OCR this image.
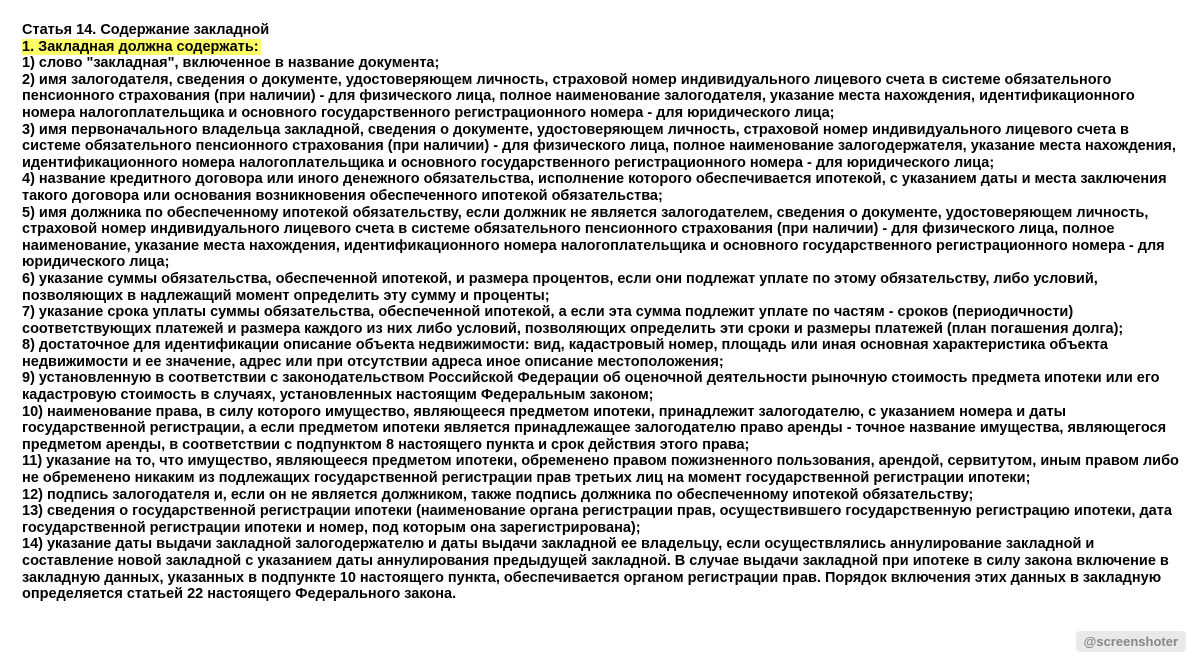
Статья 14. Содержание закладной
1. Закладная должна содержать:
1) слово "закладная", включенное в название документа;
2) имя залогодателя, сведения о документе, удостоверяющем личность, страховой номер индивидуального лицевого счета в системе обязательного пенсионного страхования (при наличии) - для физического лица, полное наименование залогодателя, указание места нахождения, идентификационного номера налогоплательщика и основного государственного регистрационного номера - для юридического лица;
3) имя первоначального владельца закладной, сведения о документе, удостоверяющем личность, страховой номер индивидуального лицевого счета в системе обязательного пенсионного страхования (при наличии) - для физического лица, полное наименование залогодержателя, указание места нахождения, идентификационного номера налогоплательщика и основного государственного регистрационного номера - для юридического лица;
4) название кредитного договора или иного денежного обязательства, исполнение которого обеспечивается ипотекой, с указанием даты и места заключения такого договора или основания возникновения обеспеченного ипотекой обязательства;
5) имя должника по обеспеченному ипотекой обязательству, если должник не является залогодателем, сведения о документе, удостоверяющем личность, страховой номер индивидуального лицевого счета в системе обязательного пенсионного страхования (при наличии) - для физического лица, полное наименование, указание места нахождения, идентификационного номера налогоплательщика и основного государственного регистрационного номера - для юридического лица;
6) указание суммы обязательства, обеспеченной ипотекой, и размера процентов, если они подлежат уплате по этому обязательству, либо условий, позволяющих в надлежащий момент определить эту сумму и проценты;
7) указание срока уплаты суммы обязательства, обеспеченной ипотекой, а если эта сумма подлежит уплате по частям - сроков (периодичности) соответствующих платежей и размера каждого из них либо условий, позволяющих определить эти сроки и размеры платежей (план погашения долга);
8) достаточное для идентификации описание объекта недвижимости: вид, кадастровый номер, площадь или иная основная характеристика объекта недвижимости и ее значение, адрес или при отсутствии адреса иное описание местоположения;
9) установленную в соответствии с законодательством Российской Федерации об оценочной деятельности рыночную стоимость предмета ипотеки или его кадастровую стоимость в случаях, установленных настоящим Федеральным законом;
10) наименование права, в силу которого имущество, являющееся предметом ипотеки, принадлежит залогодателю, с указанием номера и даты государственной регистрации, а если предметом ипотеки является принадлежащее залогодателю право аренды - точное название имущества, являющегося предметом аренды, в соответствии с подпунктом 8 настоящего пункта и срок действия этого права;
11) указание на то, что имущество, являющееся предметом ипотеки, обременено правом пожизненного пользования, арендой, сервитутом, иным правом либо не обременено никаким из подлежащих государственной регистрации прав третьих лиц на момент государственной регистрации ипотеки;
12) подпись залогодателя и, если он не является должником, также подпись должника по обеспеченному ипотекой обязательству;
13) сведения о государственной регистрации ипотеки (наименование органа регистрации прав, осуществившего государственную регистрацию ипотеки, дата государственной регистрации ипотеки и номер, под которым она зарегистрирована);
14) указание даты выдачи закладной залогодержателю и даты выдачи закладной ее владельцу, если осуществлялись аннулирование закладной и составление новой закладной с указанием даты аннулирования предыдущей закладной. В случае выдачи закладной при ипотеке в силу закона включение в закладную данных, указанных в подпункте 10 настоящего пункта, обеспечивается органом регистрации прав. Порядок включения этих данных в закладную определяется статьей 22 настоящего Федерального закона.
@screenshoter
